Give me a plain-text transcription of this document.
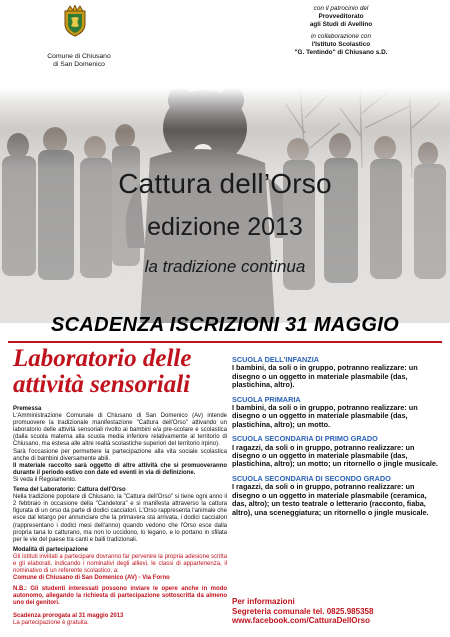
Comune di Chiusano
di San Domenico
con il patrocinio del
Provveditorato
agli Studi di Avellino
in collaborazione con
l'Istituto Scolastico
"G. Tentindo" di Chiusano s.D.
Cattura dell’Orso
edizione 2013
la tradizione continua
SCADENZA ISCRIZIONI 31 MAGGIO
Laboratorio delle
attività sensoriali
Premessa
L'Amministrazione Comunale di Chiusano di San Domenico (Av) intende promuovere la tradizionale manifestazione "Cattura dell'Orso" attivando un laboratorio delle attività sensoriali rivolto ai bambini e/a pre-scolare e scolastica (dalla scuola materna alla scuola media inferiore relativamente al territorio di Chiusano, ma estesa alle altre realtà scolastiche superiori del territorio irpino).
Sarà l'occasione per permettere la partecipazione alla vita sociale scolastica anche di bambini diversamente abili.
Il materiale raccolto sarà oggetto di altre attività che si promuoveranno durante il periodo estivo con date ed eventi in via di definizione.
Si veda il Regolamento.
Tema del Laboratorio: Cattura dell'Orso
Nella tradizione popolare di Chiusano, la "Cattura dell'Orso" si tiene ogni anno il 2 febbraio in occasione della "Candelora" e si manifesta attraverso la cattura figurata di un orso da parte di dodici cacciatori. L'Orso rappresenta l'animale che esce dal letargo per annunciare che la primavera sta arrivata, i dodici cacciatori (rappresentano i dodici mesi dell'anno) quando vedono che l'Orso esce dalla propria tana lo catturano, ma non lo uccidono, lo legano, e lo portano in sfilata per le vie del paese tra canti e balli tradizionali.
Modalità di partecipazione
Gli Istituti inviitati a partecipare dovranno far pervenire la propria adesione scritta e gli elaborati, indicando i nominativi degli allievi, le classi di appartenenza, il nominativo di un referente scolastico, a:
Comune di Chiusano di San Domenico (AV) - Via Forno
N.B.: Gli studenti interessati possono inviare le opere anche in modo autonomo, allegando la richiesta di partecipazione sottoscritta da almeno uno dei genitori.
Scadenza prorogata al 31 maggio 2013
La partecipazione è gratuita.
SCUOLA DELL'INFANZIA
I bambini, da soli o in gruppo, potranno realizzare: un disegno o un oggetto in materiale plasmabile (das, plastichina, altro).
SCUOLA PRIMARIA
I bambini, da soli o in gruppo, potranno realizzare: un disegno o un oggetto in materiale plasmabile (das, plastichina, altro); un motto.
SCUOLA SECONDARIA DI PRIMO GRADO
I ragazzi, da soli o in gruppo, potranno realizzare: un disegno o un oggetto in materiale plasmabile (das, plastichina, altro); un motto; un ritornello o jingle musicale.
SCUOLA SECONDARIA DI SECONDO GRADO
I ragazzi, da soli o in gruppo, potranno realizzare: un disegno o un oggetto in materiale plasmabile (ceramica, das, altro); un testo teatrale o letterario (racconto, fiaba, altro), una sceneggiatura; un ritornello o jingle musicale.
Per informazioni
Segreteria comunale tel. 0825.985358
www.facebook.com/CatturaDellOrso
